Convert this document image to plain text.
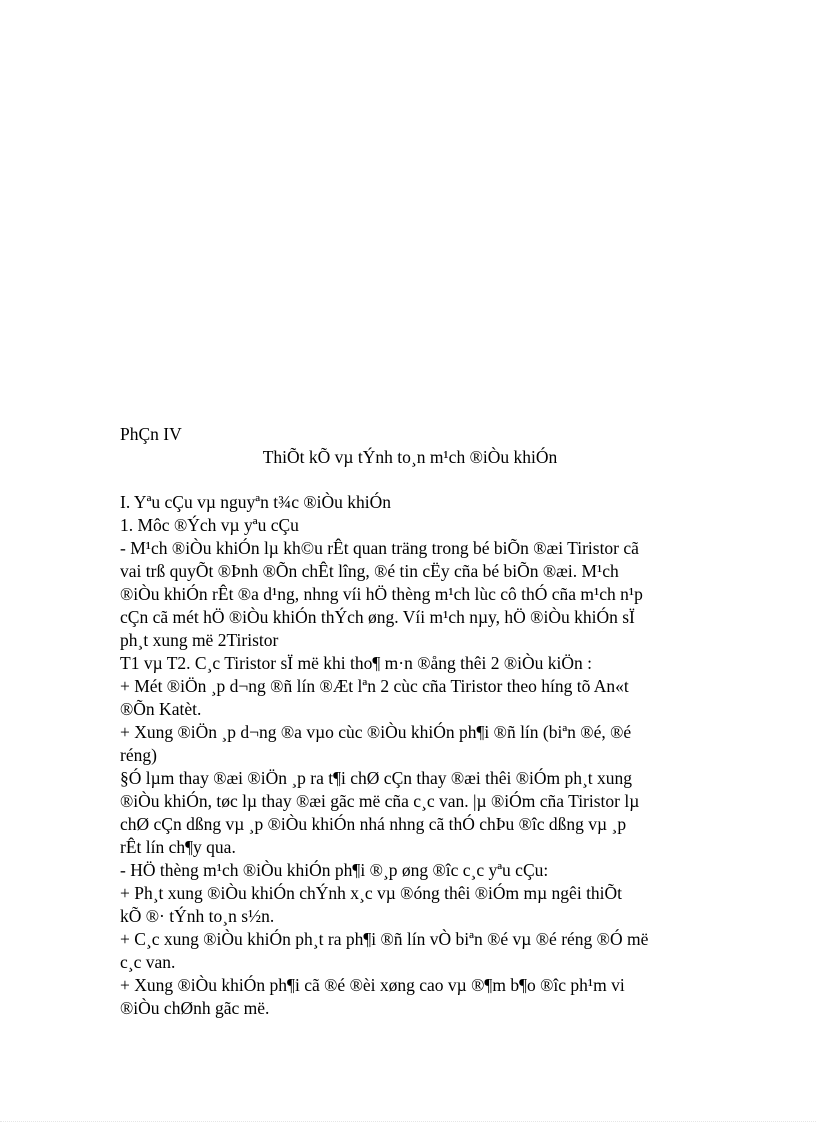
PhÇn IV
ThiÕt kÕ vµ tÝnh to¸n m¹ch ®iÒu khiÓn
I. Yªu cÇu vµ nguyªn t¾c ®iÒu khiÓn
1. Môc ®Ých vµ yªu cÇu
- M¹ch ®iÒu khiÓn lµ kh©u rÊt quan träng trong bé biÕn ®æi Tiristor cã
vai trß quyÕt ®Þnh ®Õn chÊt lîng, ®é tin cËy cña bé biÕn ®æi. M¹ch
®iÒu khiÓn rÊt ®a d¹ng, nhng víi hÖ thèng m¹ch lùc cô thÓ cña m¹ch n¹p
cÇn cã mét hÖ ®iÒu khiÓn thÝch øng. Víi m¹ch nµy, hÖ ®iÒu khiÓn sÏ
ph¸t xung më 2Tiristor
T1 vµ T2. C¸c Tiristor sÏ më khi tho¶ m·n ®ång thêi 2 ®iÒu kiÖn :
+ Mét ®iÖn ¸p d¬ng ®ñ lín ®Æt lªn 2 cùc cña Tiristor theo híng tõ An«t
®Õn Katèt.
+ Xung ®iÖn ¸p d¬ng ®a vµo cùc ®iÒu khiÓn ph¶i ®ñ lín (biªn ®é, ®é
réng)
§Ó lµm thay ®æi ®iÖn ¸p ra t¶i chØ cÇn thay ®æi thêi ®iÓm ph¸t xung
®iÒu khiÓn, tøc lµ thay ®æi gãc më cña c¸c van. |µ ®iÓm cña Tiristor lµ
chØ cÇn dßng vµ ¸p ®iÒu khiÓn nhá nhng cã thÓ chÞu ®îc dßng vµ ¸p
rÊt lín ch¶y qua.
- HÖ thèng m¹ch ®iÒu khiÓn ph¶i ®¸p øng ®îc c¸c yªu cÇu:
+ Ph¸t xung ®iÒu khiÓn chÝnh x¸c vµ ®óng thêi ®iÓm mµ ngêi thiÕt
kÕ ®· tÝnh to¸n s½n.
+ C¸c xung ®iÒu khiÓn ph¸t ra ph¶i ®ñ lín vÒ biªn ®é vµ ®é réng ®Ó më
c¸c van.
+ Xung ®iÒu khiÓn ph¶i cã ®é ®èi xøng cao vµ ®¶m b¶o ®îc ph¹m vi
®iÒu chØnh gãc më.
